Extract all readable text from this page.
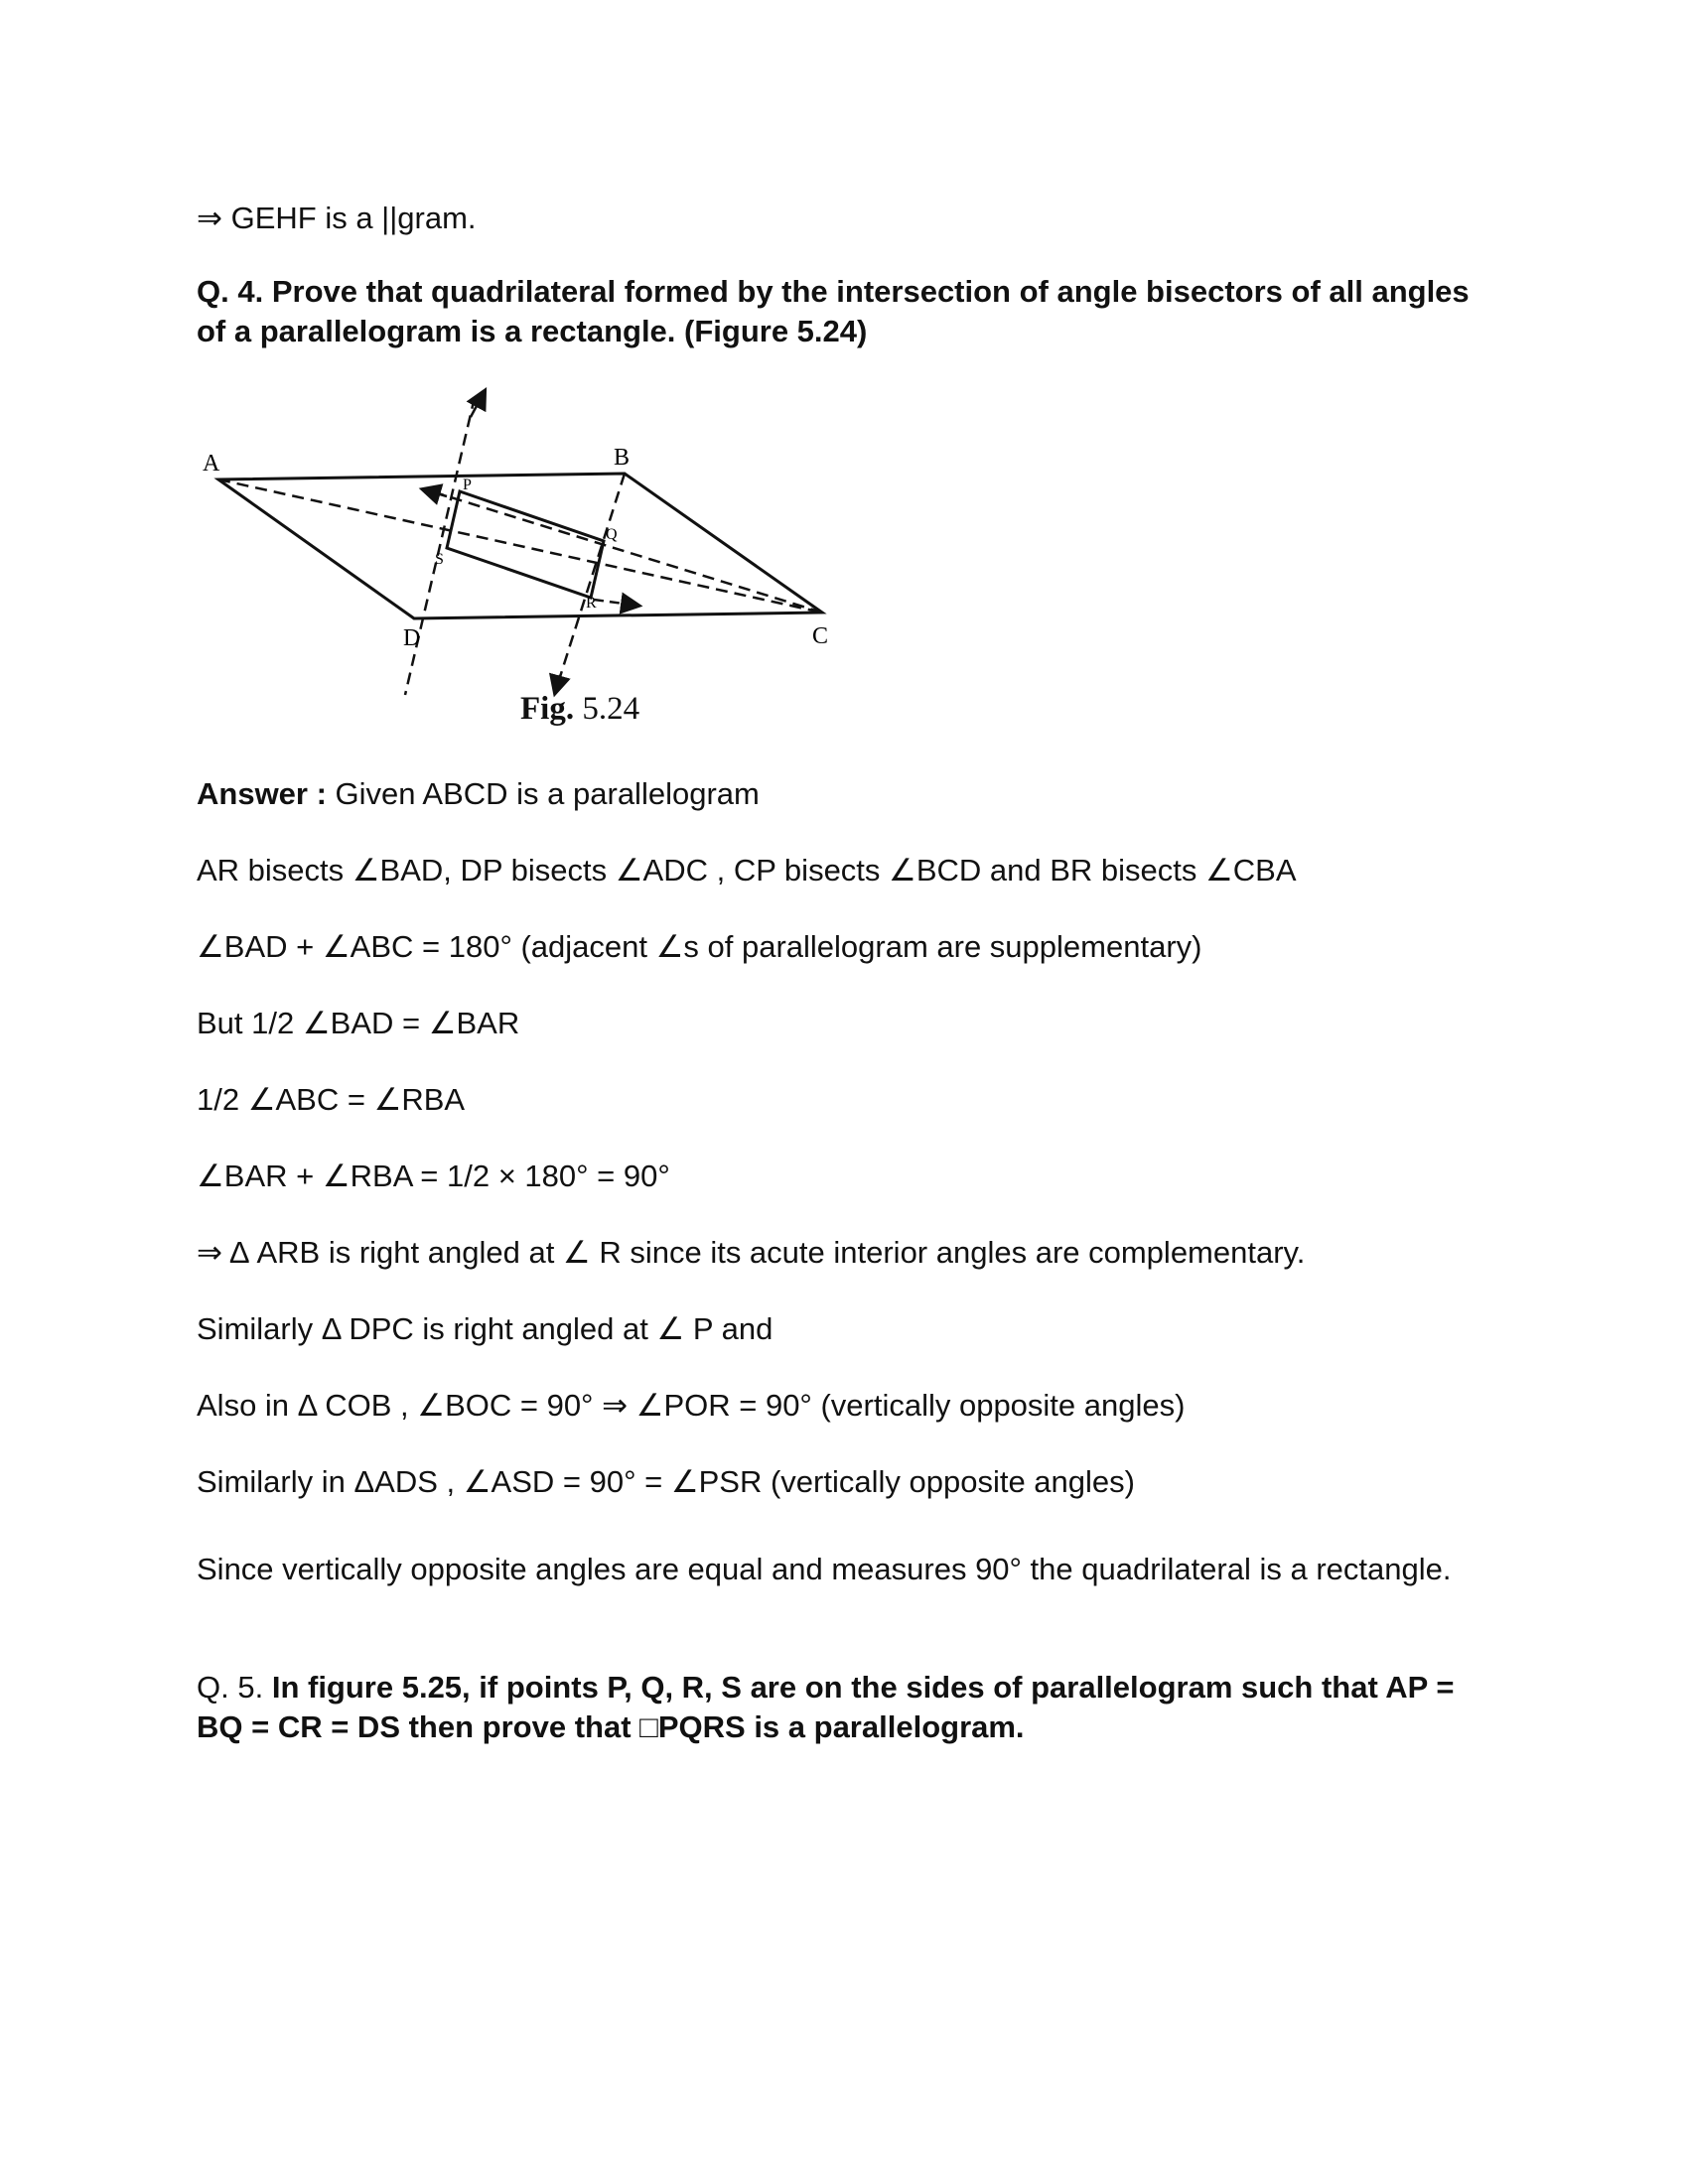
⇒ GEHF is a ||gram.
Q. 4. Prove that quadrilateral formed by the intersection of angle bisectors of all angles of a parallelogram is a rectangle. (Figure 5.24)
A	B
C
D
P
Q
R
S
Fig. 5.24
Answer : Given ABCD is a parallelogram
AR bisects ∠BAD, DP bisects ∠ADC , CP bisects ∠BCD and BR bisects ∠CBA
∠BAD + ∠ABC = 180° (adjacent ∠s of parallelogram are supplementary)
But 1/2 ∠BAD = ∠BAR
1/2 ∠ABC = ∠RBA
∠BAR + ∠RBA = 1/2 × 180° = 90°
⇒ Δ ARB is right angled at ∠ R since its acute interior angles are complementary.
Similarly Δ DPC is right angled at ∠ P and
Also in Δ COB , ∠BOC = 90° ⇒ ∠POR = 90° (vertically opposite angles)
Similarly in ΔADS , ∠ASD = 90° = ∠PSR (vertically opposite angles)
Since vertically opposite angles are equal and measures 90° the quadrilateral is a rectangle.
Q. 5. In figure 5.25, if points P, Q, R, S are on the sides of parallelogram such that AP = BQ = CR = DS then prove that □PQRS is a parallelogram.
